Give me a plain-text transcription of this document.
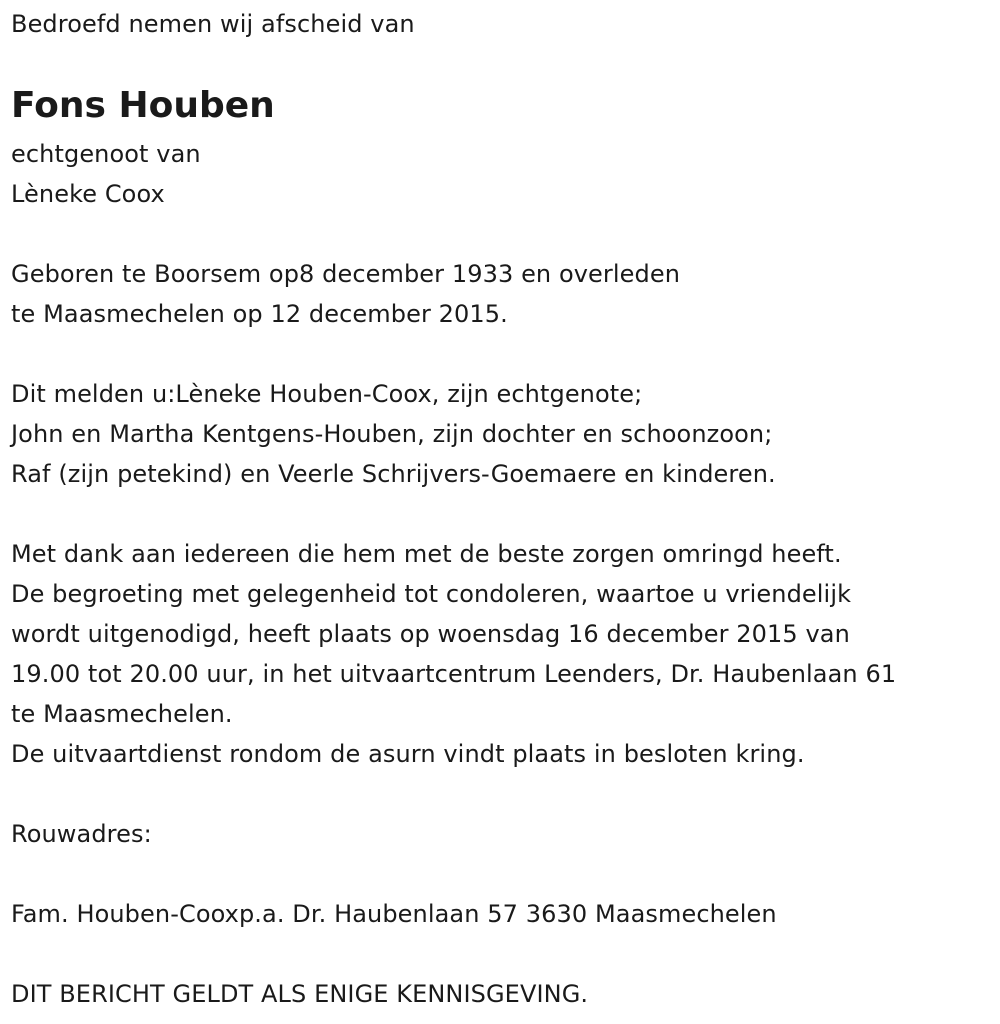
Bedroefd nemen wij afscheid van
Fons Houben
echtgenoot van
Lèneke Coox
Geboren te Boorsem op8 december 1933 en overleden
te Maasmechelen op 12 december 2015.
Dit melden u:Lèneke Houben-Coox, zijn echtgenote;
John en Martha Kentgens-Houben, zijn dochter en schoonzoon;
Raf (zijn petekind) en Veerle Schrijvers-Goemaere en kinderen.
Met dank aan iedereen die hem met de beste zorgen omringd heeft.
De begroeting met gelegenheid tot condoleren, waartoe u vriendelijk
wordt uitgenodigd, heeft plaats op woensdag 16 december 2015 van
19.00 tot 20.00 uur, in het uitvaartcentrum Leenders, Dr. Haubenlaan 61
te Maasmechelen.
De uitvaartdienst rondom de asurn vindt plaats in besloten kring.
Rouwadres:
Fam. Houben-Cooxp.a. Dr. Haubenlaan 57 3630 Maasmechelen
DIT BERICHT GELDT ALS ENIGE KENNISGEVING.
